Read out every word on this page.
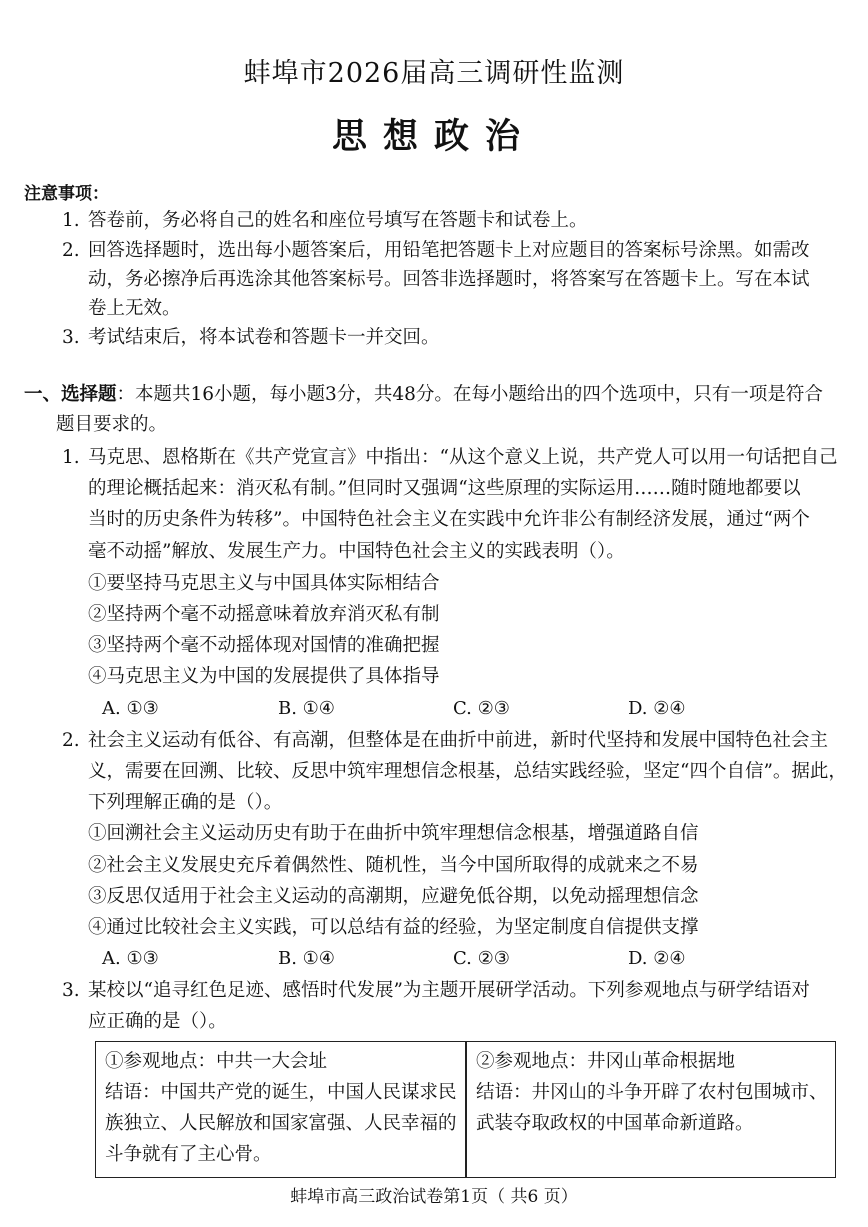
蚌埠市2026届高三调研性监测
思想政治
注意事项：
1. 答卷前，务必将自己的姓名和座位号填写在答题卡和试卷上。
2. 回答选择题时，选出每小题答案后，用铅笔把答题卡上对应题目的答案标号涂黑。如需改
动，务必擦净后再选涂其他答案标号。回答非选择题时，将答案写在答题卡上。写在本试
卷上无效。
3. 考试结束后，将本试卷和答题卡一并交回。
一、选择题：本题共16小题，每小题3分，共48分。在每小题给出的四个选项中，只有一项是符合
题目要求的。
1. 马克思、恩格斯在《共产党宣言》中指出：“从这个意义上说，共产党人可以用一句话把自己
的理论概括起来：消灭私有制。”但同时又强调“这些原理的实际运用……随时随地都要以
当时的历史条件为转移”。中国特色社会主义在实践中允许非公有制经济发展，通过“两个
毫不动摇”解放、发展生产力。中国特色社会主义的实践表明（）。
①要坚持马克思主义与中国具体实际相结合
②坚持两个毫不动摇意味着放弃消灭私有制
③坚持两个毫不动摇体现对国情的准确把握
④马克思主义为中国的发展提供了具体指导
A. ①③	B. ①④	C. ②③	D. ②④
2. 社会主义运动有低谷、有高潮，但整体是在曲折中前进，新时代坚持和发展中国特色社会主
义，需要在回溯、比较、反思中筑牢理想信念根基，总结实践经验，坚定“四个自信”。据此，
下列理解正确的是（）。
①回溯社会主义运动历史有助于在曲折中筑牢理想信念根基，增强道路自信
②社会主义发展史充斥着偶然性、随机性，当今中国所取得的成就来之不易
③反思仅适用于社会主义运动的高潮期，应避免低谷期，以免动摇理想信念
④通过比较社会主义实践，可以总结有益的经验，为坚定制度自信提供支撑
A. ①③	B. ①④	C. ②③	D. ②④
3. 某校以“追寻红色足迹、感悟时代发展”为主题开展研学活动。下列参观地点与研学结语对
应正确的是（）。
①参观地点：中共一大会址
结语：中国共产党的诞生，中国人民谋求民
族独立、人民解放和国家富强、人民幸福的
斗争就有了主心骨。
②参观地点：井冈山革命根据地
结语：井冈山的斗争开辟了农村包围城市、
武装夺取政权的中国革命新道路。
蚌埠市高三政治试卷第1页（ 共6 页）
